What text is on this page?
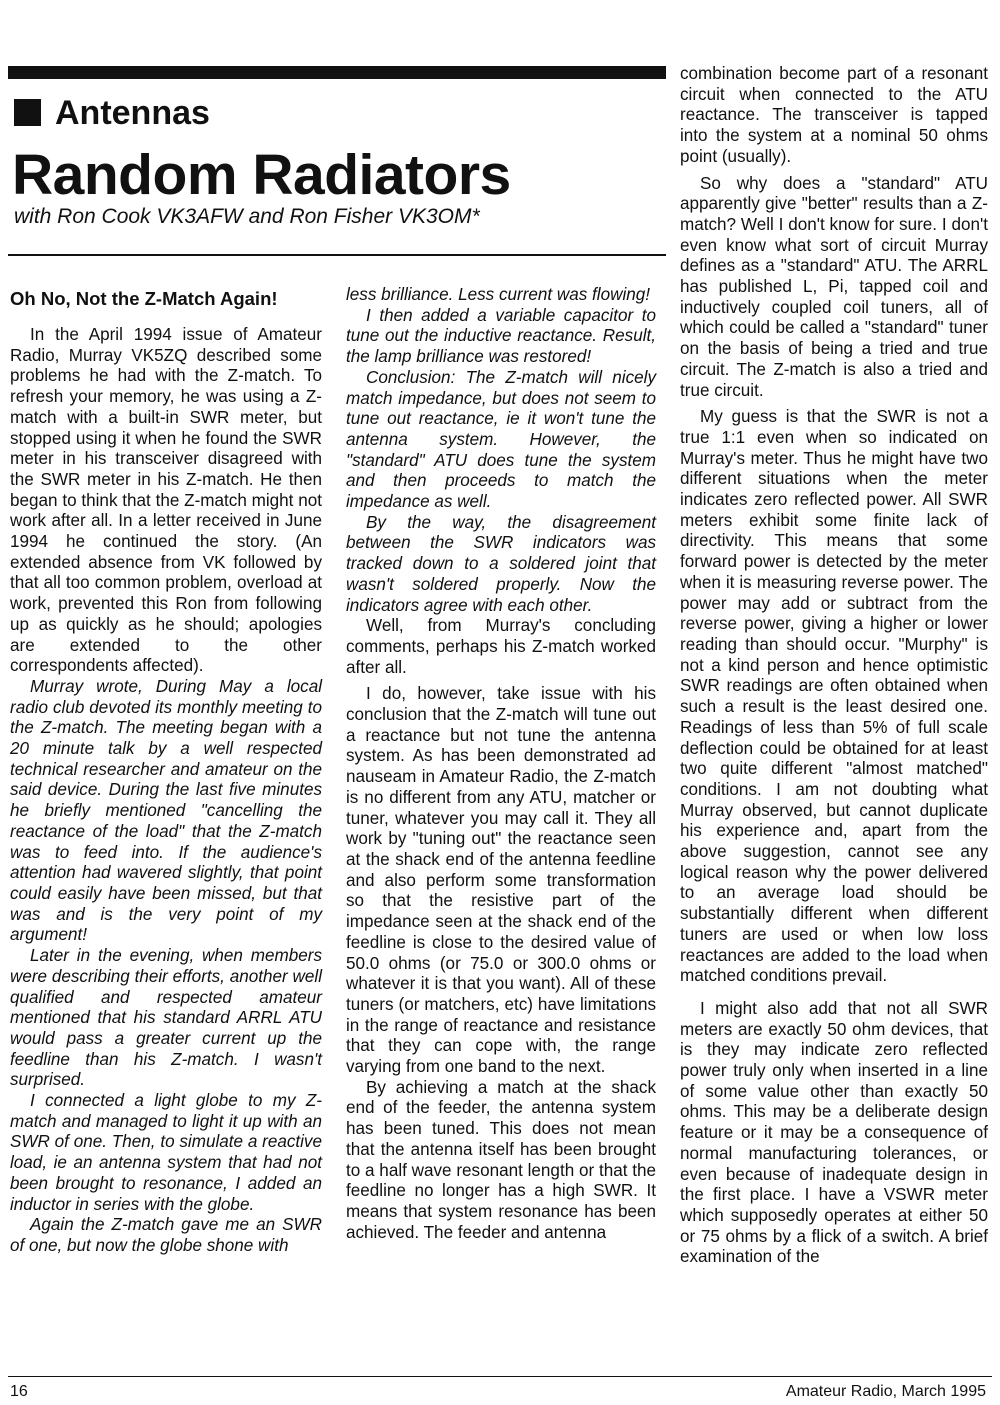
Antennas
Random Radiators
with Ron Cook VK3AFW and Ron Fisher VK3OM*

Oh No, Not the Z-Match Again!

In the April 1994 issue of Amateur Radio, Murray VK5ZQ described some problems he had with the Z-match. To refresh your memory, he was using a Z-match with a built-in SWR meter, but stopped using it when he found the SWR meter in his transceiver disagreed with the SWR meter in his Z-match. He then began to think that the Z-match might not work after all. In a letter received in June 1994 he continued the story. (An extended absence from VK followed by that all too common problem, overload at work, prevented this Ron from following up as quickly as he should; apologies are extended to the other correspondents affected).

Murray wrote, During May a local radio club devoted its monthly meeting to the Z-match. The meeting began with a 20 minute talk by a well respected technical researcher and amateur on the said device. During the last five minutes he briefly mentioned "cancelling the reactance of the load" that the Z-match was to feed into. If the audience's attention had wavered slightly, that point could easily have been missed, but that was and is the very point of my argument!

Later in the evening, when members were describing their efforts, another well qualified and respected amateur mentioned that his standard ARRL ATU would pass a greater current up the feedline than his Z-match. I wasn't surprised.

I connected a light globe to my Z-match and managed to light it up with an SWR of one. Then, to simulate a reactive load, ie an antenna system that had not been brought to resonance, I added an inductor in series with the globe.

Again the Z-match gave me an SWR of one, but now the globe shone with

less brilliance. Less current was flowing!

I then added a variable capacitor to tune out the inductive reactance. Result, the lamp brilliance was restored!

Conclusion: The Z-match will nicely match impedance, but does not seem to tune out reactance, ie it won't tune the antenna system. However, the "standard" ATU does tune the system and then proceeds to match the impedance as well.

By the way, the disagreement between the SWR indicators was tracked down to a soldered joint that wasn't soldered properly. Now the indicators agree with each other.

Well, from Murray's concluding comments, perhaps his Z-match worked after all.

I do, however, take issue with his conclusion that the Z-match will tune out a reactance but not tune the antenna system. As has been demonstrated ad nauseam in Amateur Radio, the Z-match is no different from any ATU, matcher or tuner, whatever you may call it. They all work by "tuning out" the reactance seen at the shack end of the antenna feedline and also perform some transformation so that the resistive part of the impedance seen at the shack end of the feedline is close to the desired value of 50.0 ohms (or 75.0 or 300.0 ohms or whatever it is that you want). All of these tuners (or matchers, etc) have limitations in the range of reactance and resistance that they can cope with, the range varying from one band to the next.

By achieving a match at the shack end of the feeder, the antenna system has been tuned. This does not mean that the antenna itself has been brought to a half wave resonant length or that the feedline no longer has a high SWR. It means that system resonance has been achieved. The feeder and antenna

combination become part of a resonant circuit when connected to the ATU reactance. The transceiver is tapped into the system at a nominal 50 ohms point (usually).

So why does a "standard" ATU apparently give "better" results than a Z-match? Well I don't know for sure. I don't even know what sort of circuit Murray defines as a "standard" ATU. The ARRL has published L, Pi, tapped coil and inductively coupled coil tuners, all of which could be called a "standard" tuner on the basis of being a tried and true circuit. The Z-match is also a tried and true circuit.

My guess is that the SWR is not a true 1:1 even when so indicated on Murray's meter. Thus he might have two different situations when the meter indicates zero reflected power. All SWR meters exhibit some finite lack of directivity. This means that some forward power is detected by the meter when it is measuring reverse power. The power may add or subtract from the reverse power, giving a higher or lower reading than should occur. "Murphy" is not a kind person and hence optimistic SWR readings are often obtained when such a result is the least desired one. Readings of less than 5% of full scale deflection could be obtained for at least two quite different "almost matched" conditions. I am not doubting what Murray observed, but cannot duplicate his experience and, apart from the above suggestion, cannot see any logical reason why the power delivered to an average load should be substantially different when different tuners are used or when low loss reactances are added to the load when matched conditions prevail.

I might also add that not all SWR meters are exactly 50 ohm devices, that is they may indicate zero reflected power truly only when inserted in a line of some value other than exactly 50 ohms. This may be a deliberate design feature or it may be a consequence of normal manufacturing tolerances, or even because of inadequate design in the first place. I have a VSWR meter which supposedly operates at either 50 or 75 ohms by a flick of a switch. A brief examination of the

16	Amateur Radio, March 1995
